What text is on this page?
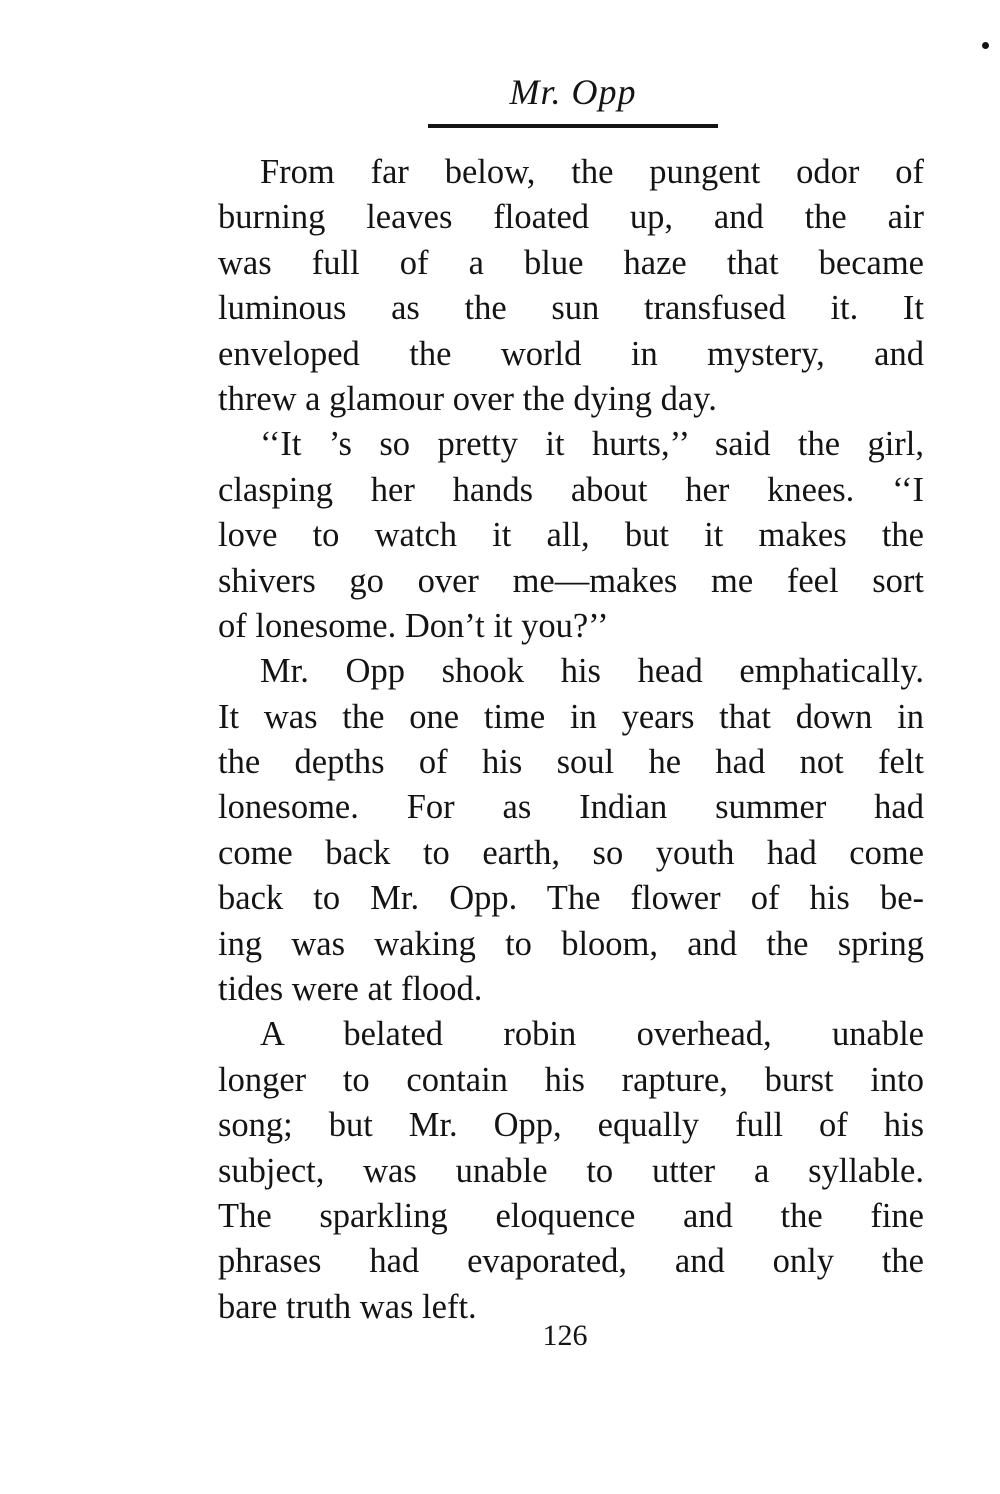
Mr. Opp

From far below, the pungent odor of
burning leaves floated up, and the air
was full of a blue haze that became
luminous as the sun transfused it. It
enveloped the world in mystery, and
threw a glamour over the dying day.

‘‘It ’s so pretty it hurts,’’ said the girl,
clasping her hands about her knees. ‘‘I
love to watch it all, but it makes the
shivers go over me—makes me feel sort
of lonesome. Don’t it you?’’

Mr. Opp shook his head emphatically.
It was the one time in years that down in
the depths of his soul he had not felt
lonesome. For as Indian summer had
come back to earth, so youth had come
back to Mr. Opp. The flower of his be-
ing was waking to bloom, and the spring
tides were at flood.

A belated robin overhead, unable
longer to contain his rapture, burst into
song; but Mr. Opp, equally full of his
subject, was unable to utter a syllable.
The sparkling eloquence and the fine
phrases had evaporated, and only the
bare truth was left.

126
